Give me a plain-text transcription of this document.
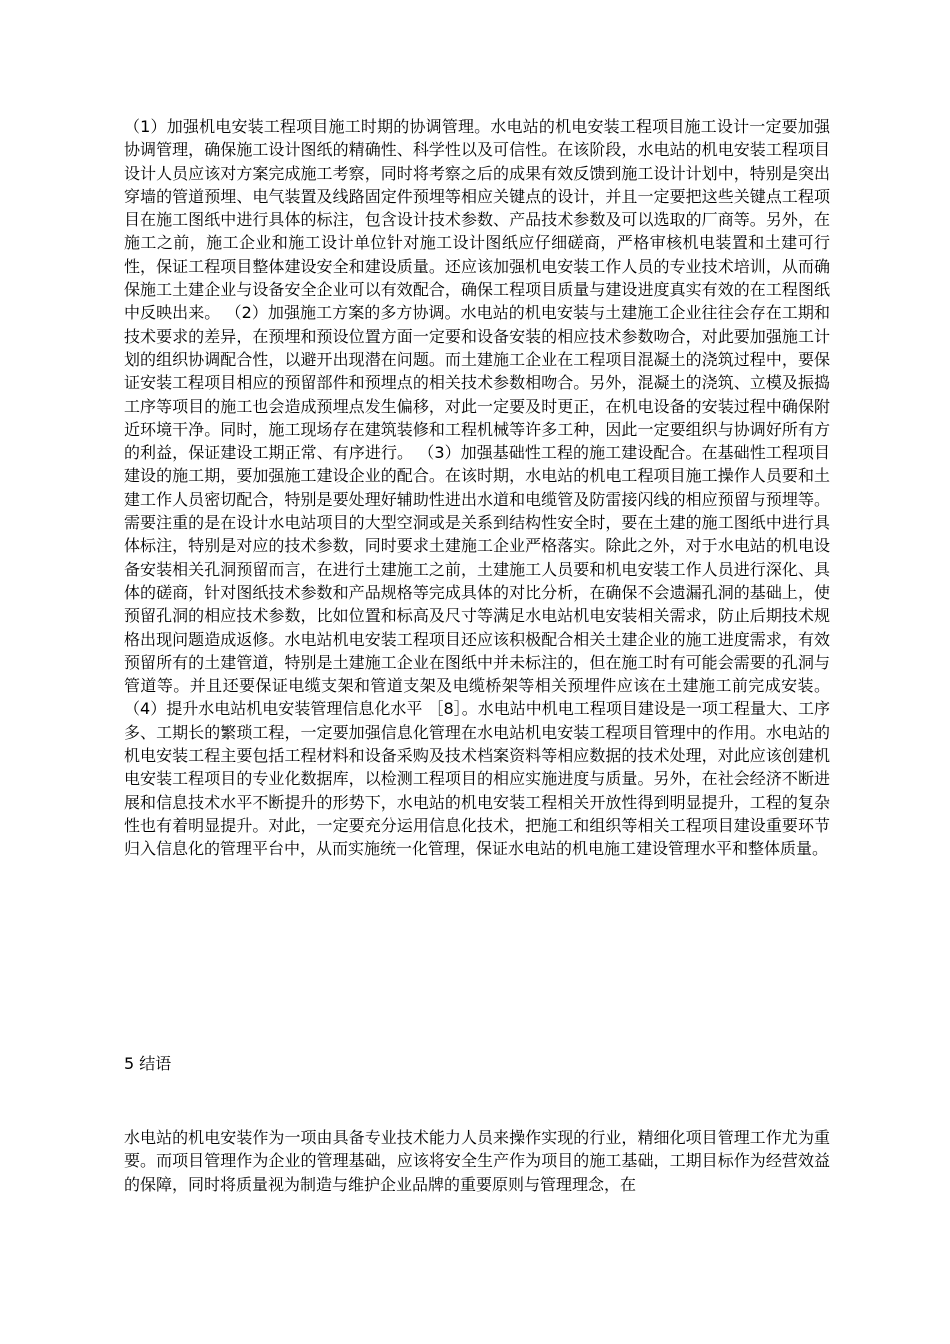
（1）加强机电安装工程项目施工时期的协调管理。水电站的机电安装工程项目施工设计一定要加强协调管理，确保施工设计图纸的精确性、科学性以及可信性。在该阶段，水电站的机电安装工程项目设计人员应该对方案完成施工考察，同时将考察之后的成果有效反馈到施工设计计划中，特别是突出穿墙的管道预埋、电气装置及线路固定件预埋等相应关键点的设计，并且一定要把这些关键点工程项目在施工图纸中进行具体的标注，包含设计技术参数、产品技术参数及可以选取的厂商等。另外，在施工之前，施工企业和施工设计单位针对施工设计图纸应仔细磋商，严格审核机电装置和土建可行性，保证工程项目整体建设安全和建设质量。还应该加强机电安装工作人员的专业技术培训，从而确保施工土建企业与设备安全企业可以有效配合，确保工程项目质量与建设进度真实有效的在工程图纸中反映出来。 （2）加强施工方案的多方协调。水电站的机电安装与土建施工企业往往会存在工期和技术要求的差异，在预埋和预设位置方面一定要和设备安装的相应技术参数吻合，对此要加强施工计划的组织协调配合性，以避开出现潜在问题。而土建施工企业在工程项目混凝土的浇筑过程中，要保证安装工程项目相应的预留部件和预埋点的相关技术参数相吻合。另外，混凝土的浇筑、立模及振捣工序等项目的施工也会造成预埋点发生偏移，对此一定要及时更正，在机电设备的安装过程中确保附近环境干净。同时，施工现场存在建筑装修和工程机械等许多工种，因此一定要组织与协调好所有方的利益，保证建设工期正常、有序进行。 （3）加强基础性工程的施工建设配合。在基础性工程项目建设的施工期，要加强施工建设企业的配合。在该时期，水电站的机电工程项目施工操作人员要和土建工作人员密切配合，特别是要处理好辅助性进出水道和电缆管及防雷接闪线的相应预留与预埋等。需要注重的是在设计水电站项目的大型空洞或是关系到结构性安全时，要在土建的施工图纸中进行具体标注，特别是对应的技术参数，同时要求土建施工企业严格落实。除此之外，对于水电站的机电设备安装相关孔洞预留而言，在进行土建施工之前，土建施工人员要和机电安装工作人员进行深化、具体的磋商，针对图纸技术参数和产品规格等完成具体的对比分析，在确保不会遗漏孔洞的基础上，使预留孔洞的相应技术参数，比如位置和标高及尺寸等满足水电站机电安装相关需求，防止后期技术规格出现问题造成返修。水电站机电安装工程项目还应该积极配合相关土建企业的施工进度需求，有效预留所有的土建管道，特别是土建施工企业在图纸中并未标注的，但在施工时有可能会需要的孔洞与管道等。并且还要保证电缆支架和管道支架及电缆桥架等相关预埋件应该在土建施工前完成安装。 （4）提升水电站机电安装管理信息化水平 ［8］。水电站中机电工程项目建设是一项工程量大、工序多、工期长的繁琐工程，一定要加强信息化管理在水电站机电安装工程项目管理中的作用。水电站的机电安装工程主要包括工程材料和设备采购及技术档案资料等相应数据的技术处理，对此应该创建机电安装工程项目的专业化数据库，以检测工程项目的相应实施进度与质量。另外，在社会经济不断进展和信息技术水平不断提升的形势下，水电站的机电安装工程相关开放性得到明显提升，工程的复杂性也有着明显提升。对此，一定要充分运用信息化技术，把施工和组织等相关工程项目建设重要环节归入信息化的管理平台中，从而实施统一化管理，保证水电站的机电施工建设管理水平和整体质量。

5 结语

水电站的机电安装作为一项由具备专业技术能力人员来操作实现的行业，精细化项目管理工作尤为重要。而项目管理作为企业的管理基础，应该将安全生产作为项目的施工基础，工期目标作为经营效益的保障，同时将质量视为制造与维护企业品牌的重要原则与管理理念，在
